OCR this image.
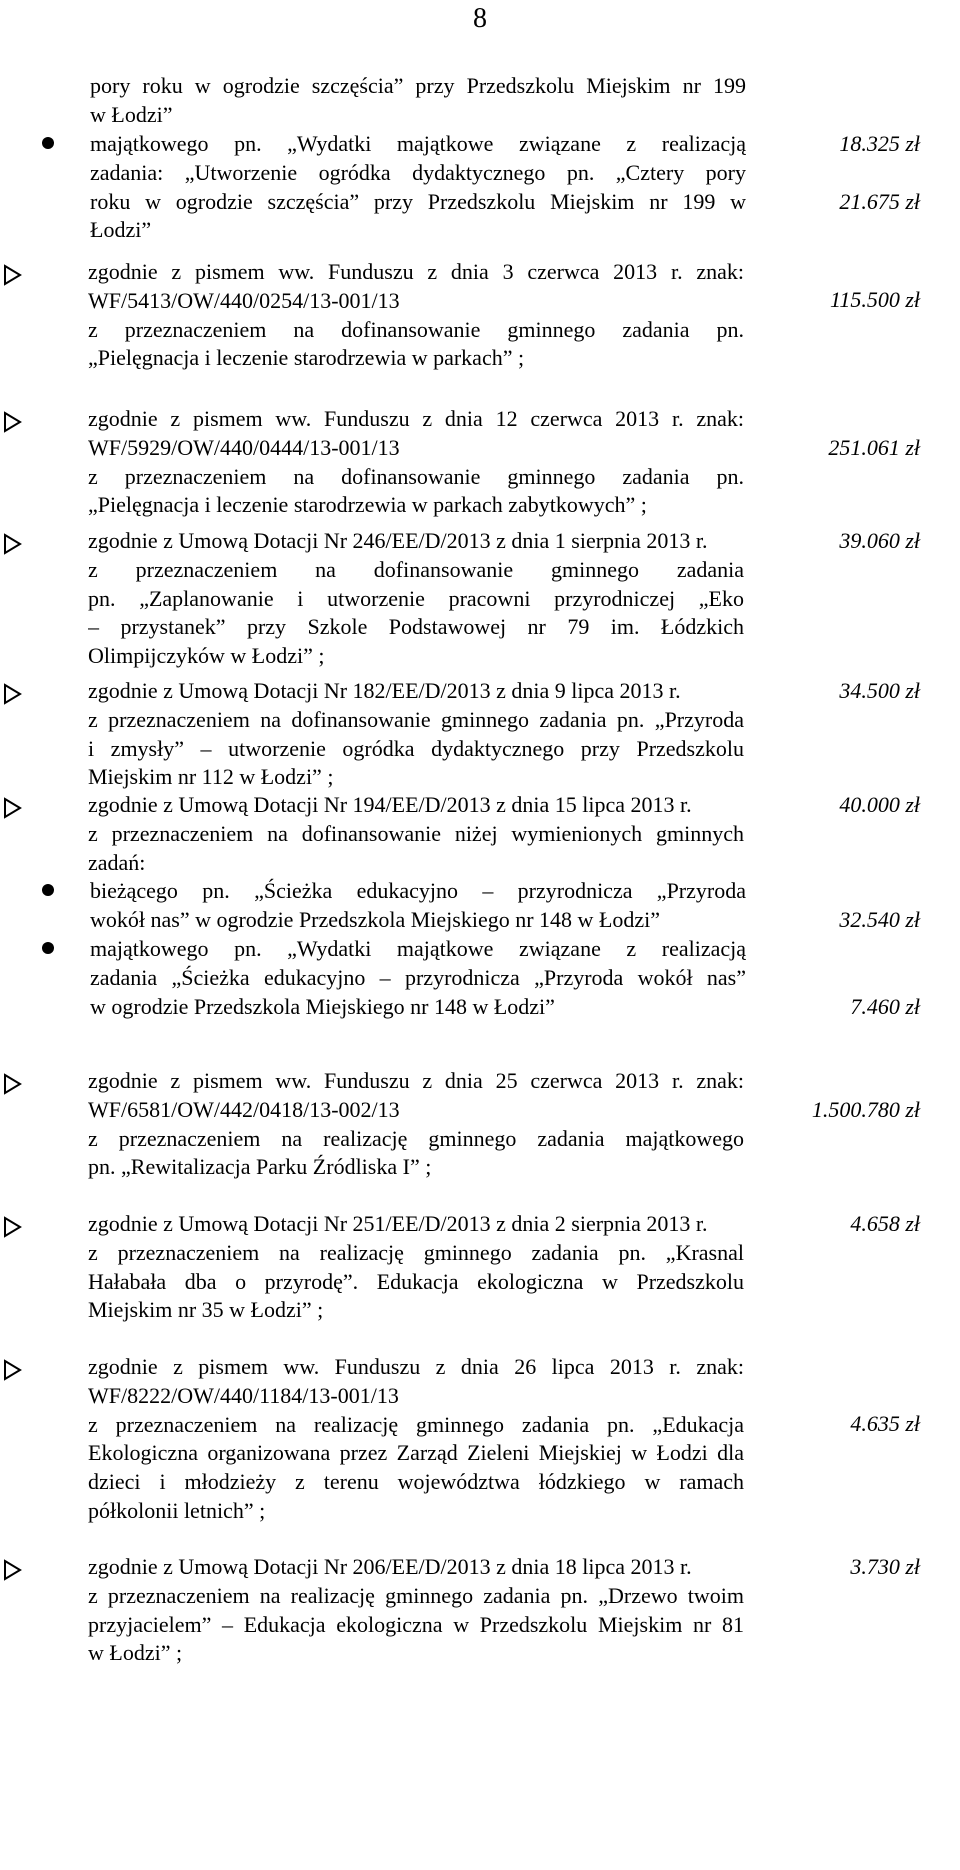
8
pory roku w ogrodzie szczęścia” przy Przedszkolu Miejskim nr 199
w Łodzi”
majątkowego pn. „Wydatki majątkowe związane z realizacją
zadania: „Utworzenie ogródka dydaktycznego pn. „Cztery pory
roku w ogrodzie szczęścia” przy Przedszkolu Miejskim nr 199 w
Łodzi”
18.325 zł
21.675 zł
zgodnie z pismem ww. Funduszu z dnia 3 czerwca 2013 r. znak:
WF/5413/OW/440/0254/13-001/13
z przeznaczeniem na dofinansowanie gminnego zadania pn.
„Pielęgnacja i leczenie starodrzewia w parkach” ;
115.500 zł
zgodnie z pismem ww. Funduszu z dnia 12 czerwca 2013 r. znak:
WF/5929/OW/440/0444/13-001/13
z przeznaczeniem na dofinansowanie gminnego zadania pn.
„Pielęgnacja i leczenie starodrzewia w parkach zabytkowych” ;
251.061 zł
zgodnie z Umową Dotacji Nr 246/EE/D/2013 z dnia 1 sierpnia 2013 r.
z przeznaczeniem na dofinansowanie gminnego zadania
pn. „Zaplanowanie i utworzenie pracowni przyrodniczej „Eko
– przystanek” przy Szkole Podstawowej nr 79 im. Łódzkich
Olimpijczyków w Łodzi” ;
39.060 zł
zgodnie z Umową Dotacji Nr 182/EE/D/2013 z dnia 9 lipca 2013 r.
z przeznaczeniem na dofinansowanie gminnego zadania pn. „Przyroda
i zmysły” – utworzenie ogródka dydaktycznego przy Przedszkolu
Miejskim nr 112 w Łodzi” ;
34.500 zł
zgodnie z Umową Dotacji Nr 194/EE/D/2013 z dnia 15 lipca 2013 r.
z przeznaczeniem na dofinansowanie niżej wymienionych gminnych
zadań:
40.000 zł
bieżącego pn. „Ścieżka edukacyjno – przyrodnicza „Przyroda
wokół nas” w ogrodzie Przedszkola Miejskiego nr 148 w Łodzi”	32.540 zł
majątkowego pn. „Wydatki majątkowe związane z realizacją
zadania „Ścieżka edukacyjno – przyrodnicza „Przyroda wokół nas”
w ogrodzie Przedszkola Miejskiego nr 148 w Łodzi”	7.460 zł
zgodnie z pismem ww. Funduszu z dnia 25 czerwca 2013 r. znak:
WF/6581/OW/442/0418/13-002/13
z przeznaczeniem na realizację gminnego zadania majątkowego
pn. „Rewitalizacja Parku Źródliska I” ;
1.500.780 zł
zgodnie z Umową Dotacji Nr 251/EE/D/2013 z dnia 2 sierpnia 2013 r.
z przeznaczeniem na realizację gminnego zadania pn. „Krasnal
Hałabała dba o przyrodę”. Edukacja ekologiczna w Przedszkolu
Miejskim nr 35 w Łodzi” ;
4.658 zł
zgodnie z pismem ww. Funduszu z dnia 26 lipca 2013 r. znak:
WF/8222/OW/440/1184/13-001/13
z przeznaczeniem na realizację gminnego zadania pn. „Edukacja
Ekologiczna organizowana przez Zarząd Zieleni Miejskiej w Łodzi dla
dzieci i młodzieży z terenu województwa łódzkiego w ramach
półkolonii letnich” ;
4.635 zł
zgodnie z Umową Dotacji Nr 206/EE/D/2013 z dnia 18 lipca 2013 r.
z przeznaczeniem na realizację gminnego zadania pn. „Drzewo twoim
przyjacielem” – Edukacja ekologiczna w Przedszkolu Miejskim nr 81
w Łodzi” ;
3.730 zł
